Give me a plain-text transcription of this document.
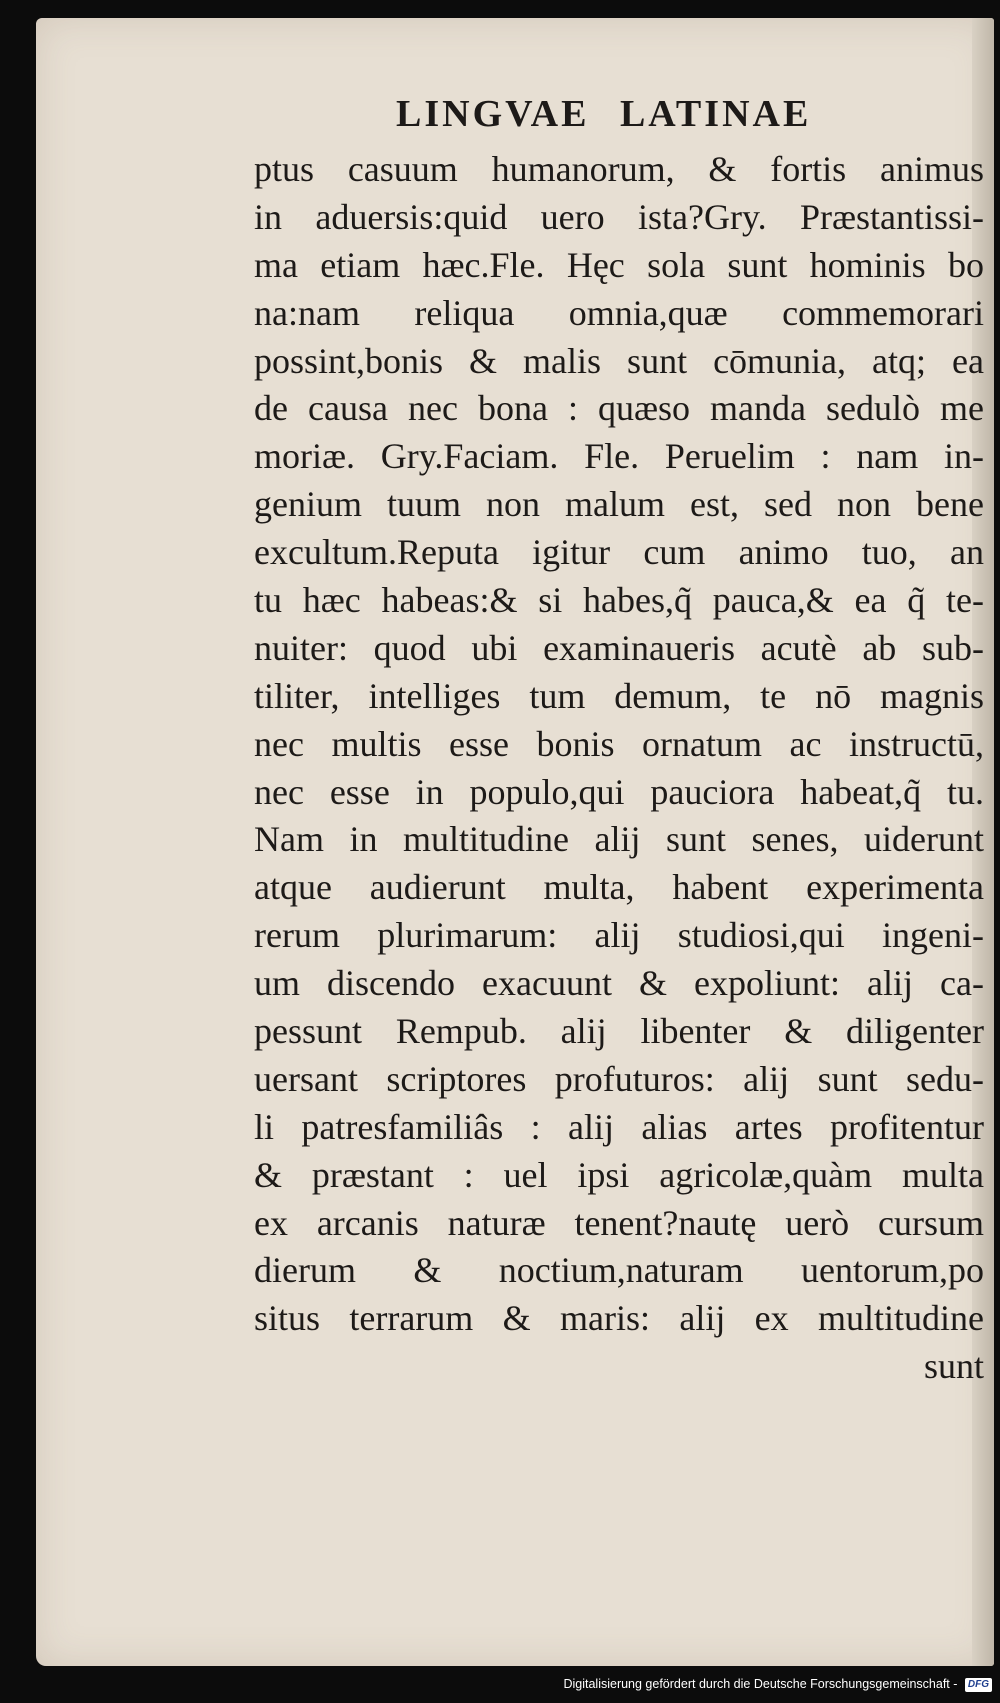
LINGVAE LATINAE
ptus casuum humanorum, & fortis animus
in aduersis:quid uero ista?Gry. Præstantissi-
ma etiam hæc.Fle. Hęc sola sunt hominis bo
na:nam reliqua omnia,quæ commemorari
possint,bonis & malis sunt cōmunia, atq; ea
de causa nec bona : quæso manda sedulò me
moriæ. Gry.Faciam. Fle. Peruelim : nam in-
genium tuum non malum est, sed non bene
excultum.Reputa igitur cum animo tuo, an
tu hæc habeas:& si habes,q̃ pauca,& ea q̃ te-
nuiter: quod ubi examinaueris acutè ab sub-
tiliter, intelliges tum demum, te nō magnis
nec multis esse bonis ornatum ac instructū,
nec esse in populo,qui pauciora habeat,q̃ tu.
Nam in multitudine alij sunt senes, uiderunt
atque audierunt multa, habent experimenta
rerum plurimarum: alij studiosi,qui ingeni-
um discendo exacuunt & expoliunt: alij ca-
pessunt Rempub. alij libenter & diligenter
uersant scriptores profuturos: alij sunt sedu-
li patresfamiliâs : alij alias artes profitentur
& præstant : uel ipsi agricolæ,quàm multa
ex arcanis naturæ tenent?nautę uerò cursum
dierum & noctium,naturam uentorum,po
situs terrarum & maris: alij ex multitudine
sunt
Digitalisierung gefördert durch die Deutsche Forschungsgemeinschaft - DFG
